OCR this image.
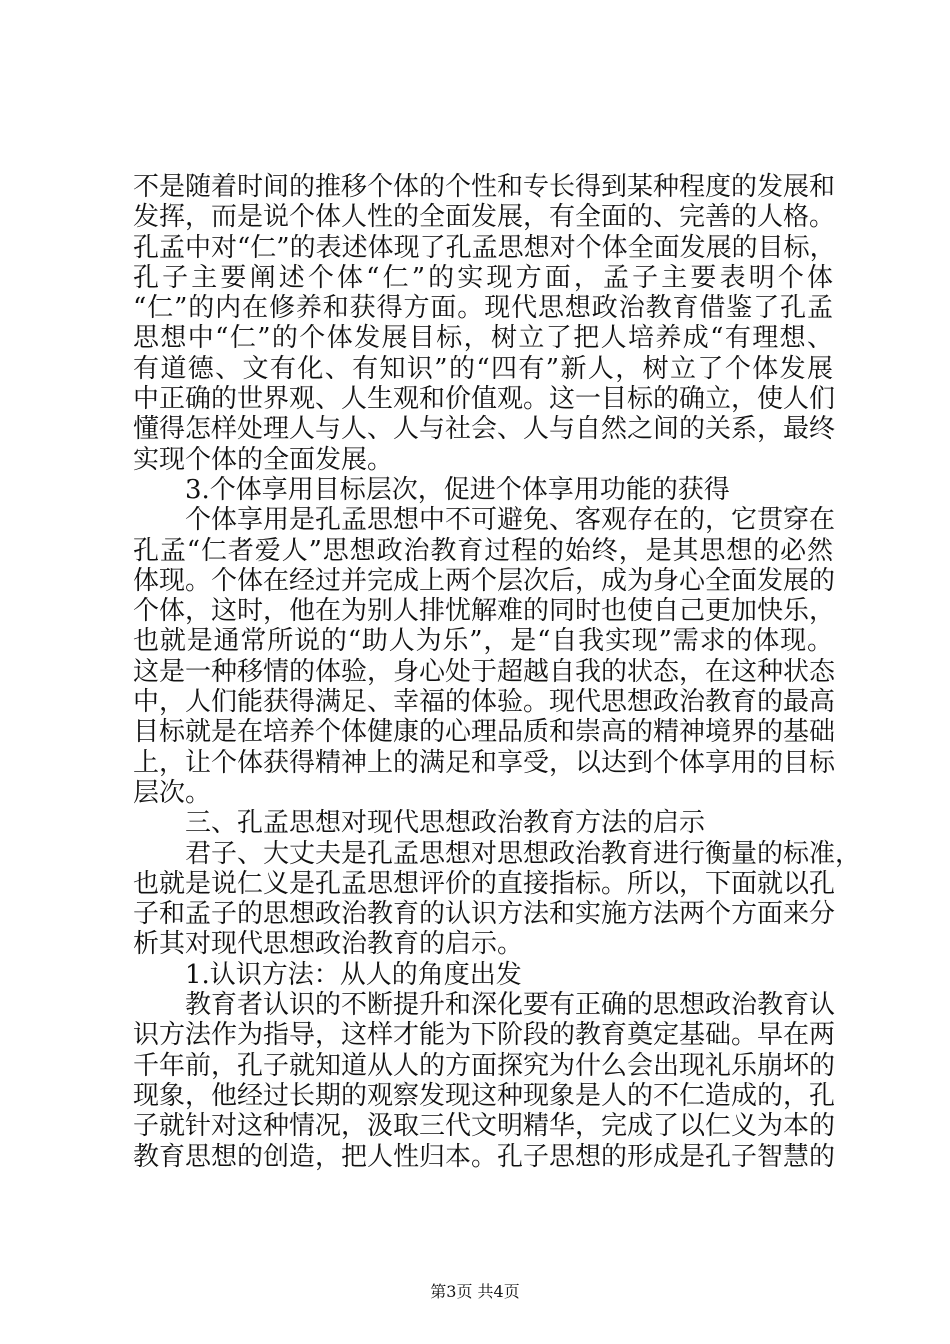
不是随着时间的推移个体的个性和专长得到某种程度的发展和
发挥，而是说个体人性的全面发展，有全面的、完善的人格。
孔孟中对“仁”的表述体现了孔孟思想对个体全面发展的目标，
孔子主要阐述个体“仁”的实现方面，孟子主要表明个体
“仁”的内在修养和获得方面。现代思想政治教育借鉴了孔孟
思想中“仁”的个体发展目标，树立了把人培养成“有理想、
有道德、文有化、有知识”的“四有”新人，树立了个体发展
中正确的世界观、人生观和价值观。这一目标的确立，使人们
懂得怎样处理人与人、人与社会、人与自然之间的关系，最终
实现个体的全面发展。
3.个体享用目标层次，促进个体享用功能的获得
个体享用是孔孟思想中不可避免、客观存在的，它贯穿在
孔孟“仁者爱人”思想政治教育过程的始终，是其思想的必然
体现。个体在经过并完成上两个层次后，成为身心全面发展的
个体，这时，他在为别人排忧解难的同时也使自己更加快乐，
也就是通常所说的“助人为乐”，是“自我实现”需求的体现。
这是一种移情的体验，身心处于超越自我的状态，在这种状态
中，人们能获得满足、幸福的体验。现代思想政治教育的最高
目标就是在培养个体健康的心理品质和崇高的精神境界的基础
上，让个体获得精神上的满足和享受，以达到个体享用的目标
层次。
三、孔孟思想对现代思想政治教育方法的启示
君子、大丈夫是孔孟思想对思想政治教育进行衡量的标准，
也就是说仁义是孔孟思想评价的直接指标。所以，下面就以孔
子和孟子的思想政治教育的认识方法和实施方法两个方面来分
析其对现代思想政治教育的启示。
1.认识方法：从人的角度出发
教育者认识的不断提升和深化要有正确的思想政治教育认
识方法作为指导，这样才能为下阶段的教育奠定基础。早在两
千年前，孔子就知道从人的方面探究为什么会出现礼乐崩坏的
现象，他经过长期的观察发现这种现象是人的不仁造成的，孔
子就针对这种情况，汲取三代文明精华，完成了以仁义为本的
教育思想的创造，把人性归本。孔子思想的形成是孔子智慧的
第3页 共4页
